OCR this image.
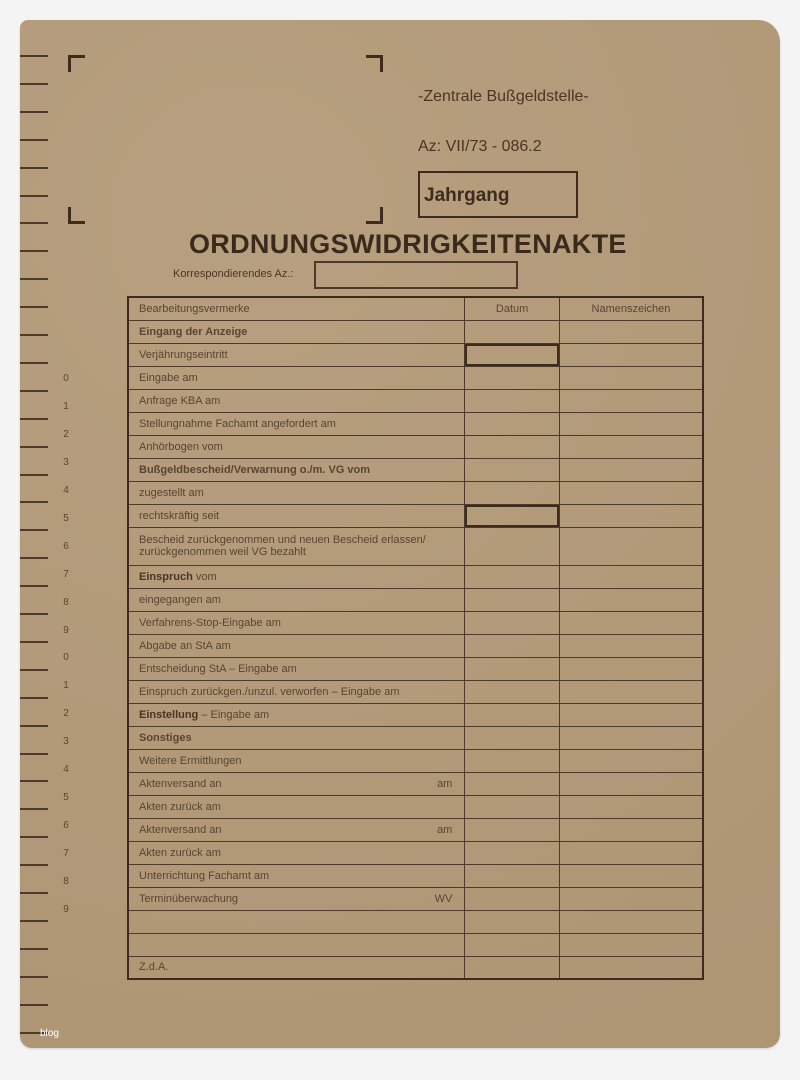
0
1
2
3
4
5
6
7
8
9
0
1
2
3
4
5
6
7
8
9
-Zentrale Bußgeldstelle-
Az: VII/73 - 086.2
Jahrgang
ORDNUNGSWIDRIGKEITENAKTE
Korrespondierendes Az.:
Bearbeitungsvermerke	Datum	Namenszeichen
Eingang der Anzeige		
Verjährungseintritt		
Eingabe am		
Anfrage KBA am		
Stellungnahme Fachamt angefordert am		
Anhörbogen vom		
Bußgeldbescheid/Verwarnung o./m. VG vom		
zugestellt am		
rechtskräftig seit		

Bescheid zurückgenommen und neuen Bescheid erlassen/
zurückgenommen weil VG bezahlt		

Einspruch vom		
eingegangen am		
Verfahrens-Stop-Eingabe am		
Abgabe an StA am		
Entscheidung StA – Eingabe am		
Einspruch zurückgen./unzul. verworfen – Eingabe am		
Einstellung – Eingabe am		
Sonstiges		
Weitere Ermittlungen		

Aktenversand an am		

Akten zurück am		

Aktenversand an am		

Akten zurück am		
Unterrichtung Fachamt am		

Terminüberwachung WV		

Z.d.A.		
blog
